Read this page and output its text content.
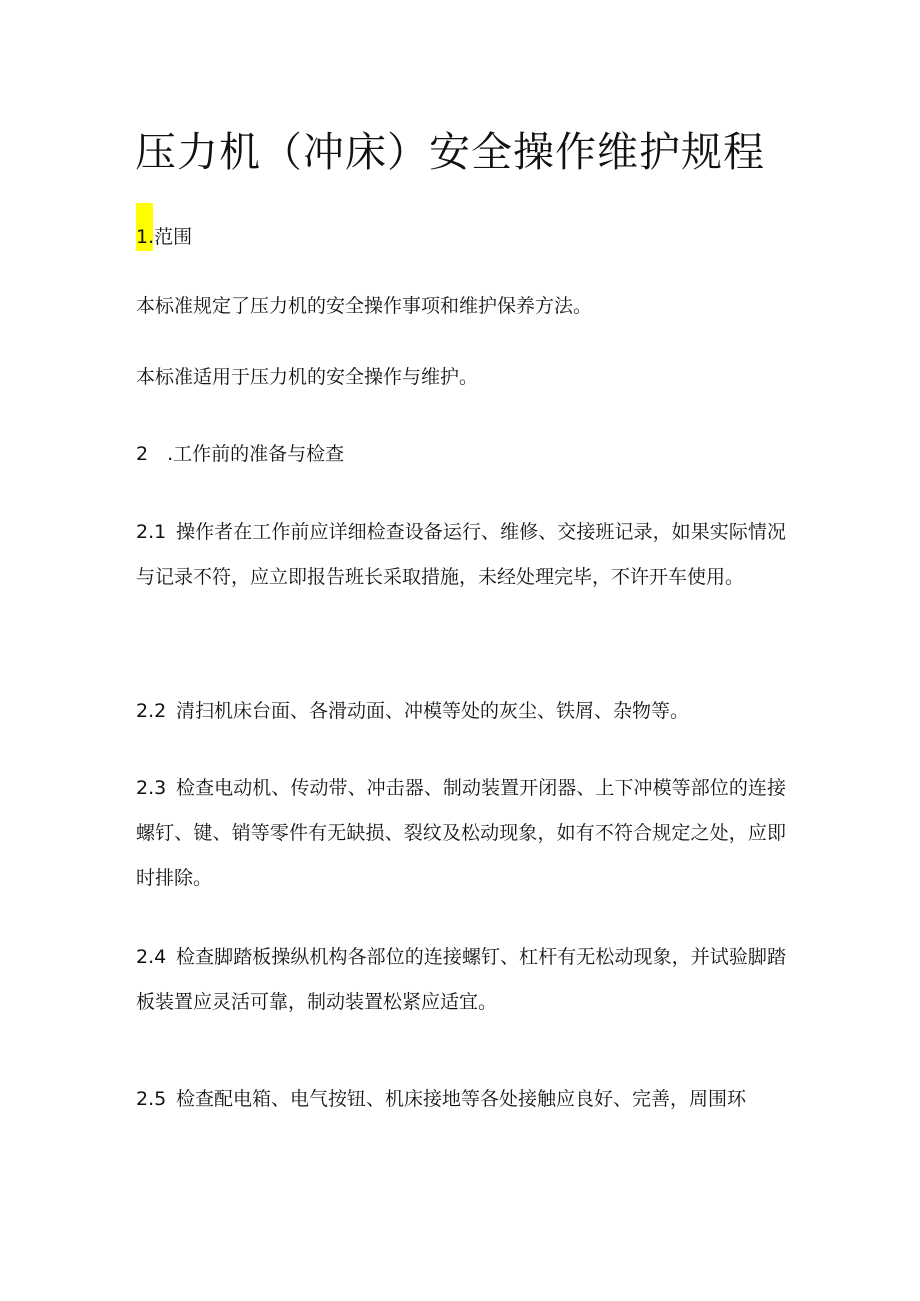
压力机（冲床）安全操作维护规程

1.范围

本标准规定了压力机的安全操作事项和维护保养方法。

本标准适用于压力机的安全操作与维护。

2　.工作前的准备与检查

2.1 操作者在工作前应详细检查设备运行、维修、交接班记录，如果实际情况与记录不符，应立即报告班长采取措施，未经处理完毕，不许开车使用。

2.2 清扫机床台面、各滑动面、冲模等处的灰尘、铁屑、杂物等。

2.3 检查电动机、传动带、冲击器、制动装置开闭器、上下冲模等部位的连接螺钉、键、销等零件有无缺损、裂纹及松动现象，如有不符合规定之处，应即时排除。

2.4 检查脚踏板操纵机构各部位的连接螺钉、杠杆有无松动现象，并试验脚踏板装置应灵活可靠，制动装置松紧应适宜。

2.5 检查配电箱、电气按钮、机床接地等各处接触应良好、完善，周围环
